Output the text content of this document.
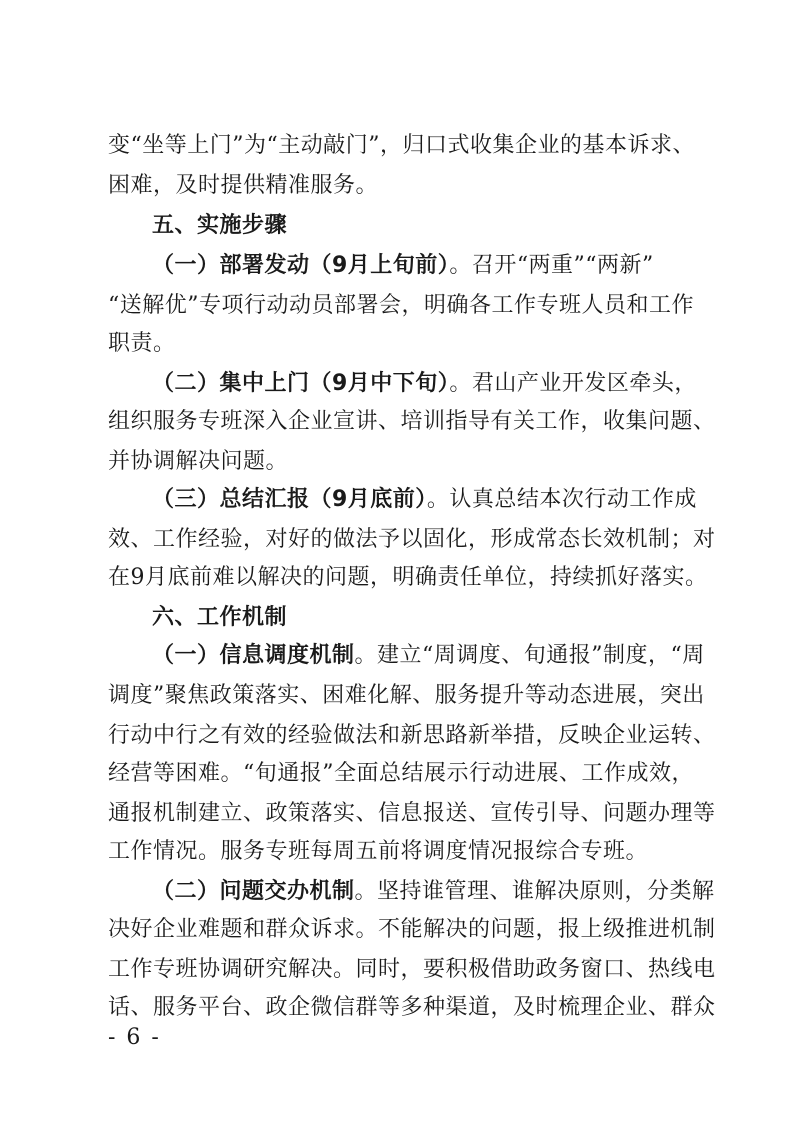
变“坐等上门”为“主动敲门”，归口式收集企业的基本诉求、
困难，及时提供精准服务。
五、实施步骤
（一）部署发动（9月上旬前）。召开“两重”“两新”
“送解优”专项行动动员部署会，明确各工作专班人员和工作
职责。
（二）集中上门（9月中下旬）。君山产业开发区牵头，
组织服务专班深入企业宣讲、培训指导有关工作，收集问题、
并协调解决问题。
（三）总结汇报（9月底前）。认真总结本次行动工作成
效、工作经验，对好的做法予以固化，形成常态长效机制；对
在9月底前难以解决的问题，明确责任单位，持续抓好落实。
六、工作机制
（一）信息调度机制。建立“周调度、旬通报”制度，“周
调度”聚焦政策落实、困难化解、服务提升等动态进展，突出
行动中行之有效的经验做法和新思路新举措，反映企业运转、
经营等困难。“旬通报”全面总结展示行动进展、工作成效，
通报机制建立、政策落实、信息报送、宣传引导、问题办理等
工作情况。服务专班每周五前将调度情况报综合专班。
（二）问题交办机制。坚持谁管理、谁解决原则，分类解
决好企业难题和群众诉求。不能解决的问题，报上级推进机制
工作专班协调研究解决。同时，要积极借助政务窗口、热线电
话、服务平台、政企微信群等多种渠道，及时梳理企业、群众
- 6 -
